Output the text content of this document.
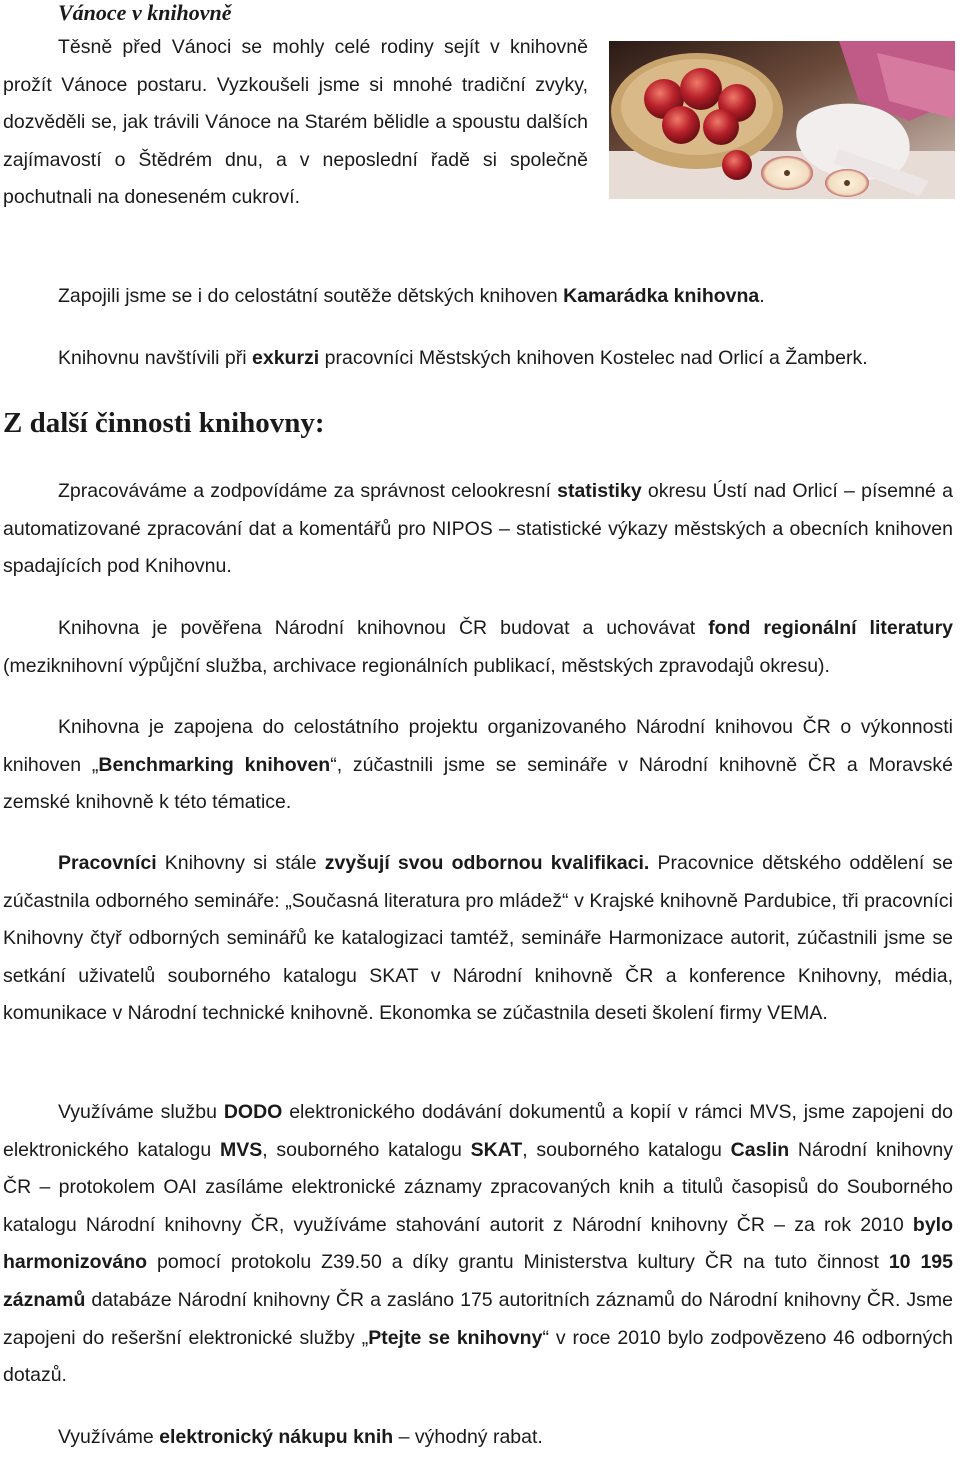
Vánoce v knihovně

Těsně před Vánoci se mohly celé rodiny sejít v knihovně prožít Vánoce postaru. Vyzkoušeli jsme si mnohé tradiční zvyky, dozvěděli se, jak trávili Vánoce na Starém bělidle a spoustu dalších zajímavostí o Štědrém dnu, a v neposlední řadě si společně pochutnali na doneseném cukroví.

Zapojili jsme se i do celostátní soutěže dětských knihoven Kamarádka knihovna.

Knihovnu navštívili při exkurzi pracovníci Městských knihoven Kostelec nad Orlicí a Žamberk.

Z další činnosti knihovny:

Zpracováváme a zodpovídáme za správnost celookresní statistiky okresu Ústí nad Orlicí – písemné a automatizované zpracování dat a komentářů pro NIPOS – statistické výkazy městských a obecních knihoven spadajících pod Knihovnu.

Knihovna je pověřena Národní knihovnou ČR budovat a uchovávat fond regionální literatury (meziknihovní výpůjční služba, archivace regionálních publikací, městských zpravodajů okresu).

Knihovna je zapojena do celostátního projektu organizovaného Národní knihovou ČR o výkonnosti knihoven „Benchmarking knihoven“, zúčastnili jsme se semináře v Národní knihovně ČR a Moravské zemské knihovně k této tématice.

Pracovníci Knihovny si stále zvyšují svou odbornou kvalifikaci. Pracovnice dětského oddělení se zúčastnila odborného semináře: „Současná literatura pro mládež“ v Krajské knihovně Pardubice, tři pracovníci Knihovny čtyř odborných seminářů ke katalogizaci tamtéž, semináře Harmonizace autorit, zúčastnili jsme se setkání uživatelů souborného katalogu SKAT v Národní knihovně ČR a konference Knihovny, média, komunikace v Národní technické knihovně. Ekonomka se zúčastnila deseti školení firmy VEMA.

Využíváme službu DODO elektronického dodávání dokumentů a kopií v rámci MVS, jsme zapojeni do elektronického katalogu MVS, souborného katalogu SKAT, souborného katalogu Caslin Národní knihovny ČR – protokolem OAI zasíláme elektronické záznamy zpracovaných knih a titulů časopisů do Souborného katalogu Národní knihovny ČR, využíváme stahování autorit z Národní knihovny ČR – za rok 2010 bylo harmonizováno pomocí protokolu Z39.50 a díky grantu Ministerstva kultury ČR na tuto činnost 10 195 záznamů databáze Národní knihovny ČR a zasláno 175 autoritních záznamů do Národní knihovny ČR. Jsme zapojeni do rešeršní elektronické služby „Ptejte se knihovny“ v roce 2010 bylo zodpovězeno 46 odborných dotazů.

Využíváme elektronický nákupu knih – výhodný rabat.
